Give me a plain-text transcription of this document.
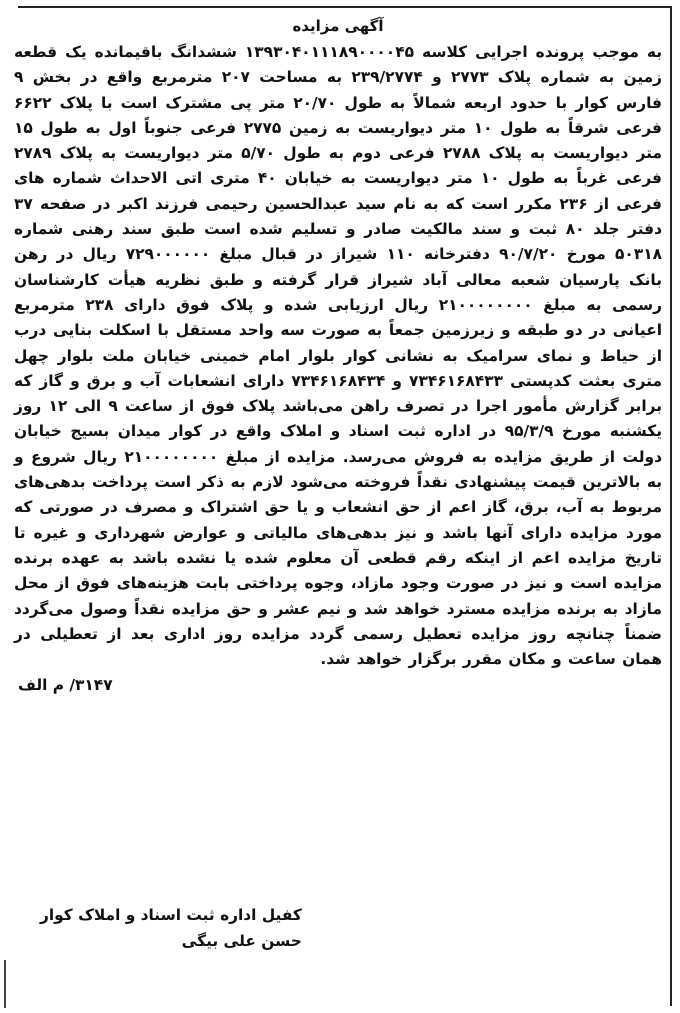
آگهی مزایده

به موجب پرونده اجرایی کلاسه ۱۳۹۳۰۴۰۱۱۱۸۹۰۰۰۰۴۵ ششدانگ باقیمانده یک قطعه زمین به شماره پلاک ۲۷۷۳ و ۲۳۹/۲۷۷۴ به مساحت ۲۰۷ مترمربع واقع در بخش ۹ فارس کوار با حدود اربعه شمالاً به طول ۲۰/۷۰ متر پی مشترک است با پلاک ۶۶۲۲ فرعی شرقاً به طول ۱۰ متر دیواریست به زمین ۲۷۷۵ فرعی جنوباً اول به طول ۱۵ متر دیواریست به پلاک ۲۷۸۸ فرعی دوم به طول ۵/۷۰ متر دیواریست به پلاک ۲۷۸۹ فرعی غرباً به طول ۱۰ متر دیواریست به خیابان ۴۰ متری اتی الاحداث شماره های فرعی از ۲۳۶ مکرر است که به نام سید عبدالحسین رحیمی فرزند اکبر در صفحه ۳۷ دفتر جلد ۸۰ ثبت و سند مالکیت صادر و تسلیم شده است طبق سند رهنی شماره ۵۰۳۱۸ مورخ ۹۰/۷/۲۰ دفترخانه ۱۱۰ شیراز در قبال مبلغ ۷۲۹۰۰۰۰۰۰ ریال در رهن بانک پارسیان شعبه معالی آباد شیراز قرار گرفته و طبق نظریه هیأت کارشناسان رسمی به مبلغ ۲۱۰۰۰۰۰۰۰۰ ریال ارزیابی شده و پلاک فوق دارای ۲۳۸ مترمربع اعیانی در دو طبقه و زیرزمین جمعاً به صورت سه واحد مستقل با اسکلت بنایی درب از حیاط و نمای سرامیک به نشانی کوار بلوار امام خمینی خیابان ملت بلوار چهل متری بعثت کدپستی ۷۳۴۶۱۶۸۴۳۳ و ۷۳۴۶۱۶۸۴۳۴ دارای انشعابات آب و برق و گاز که برابر گزارش مأمور اجرا در تصرف راهن می‌باشد پلاک فوق از ساعت ۹ الی ۱۲ روز یکشنبه مورخ ۹۵/۳/۹ در اداره ثبت اسناد و املاک واقع در کوار میدان بسیج خیابان دولت از طریق مزایده به فروش می‌رسد. مزایده از مبلغ ۲۱۰۰۰۰۰۰۰۰ ریال شروع و به بالاترین قیمت پیشنهادی نقداً فروخته می‌شود لازم به ذکر است پرداخت بدهی‌های مربوط به آب، برق، گاز اعم از حق انشعاب و یا حق اشتراک و مصرف در صورتی که مورد مزایده دارای آنها باشد و نیز بدهی‌های مالیاتی و عوارض شهرداری و غیره تا تاریخ مزایده اعم از اینکه رقم قطعی آن معلوم شده یا نشده باشد به عهده برنده مزایده است و نیز در صورت وجود مازاد، وجوه پرداختی بابت هزینه‌های فوق از محل مازاد به برنده مزایده مسترد خواهد شد و نیم عشر و حق مزایده نقداً وصول می‌گردد ضمناً چنانچه روز مزایده تعطیل رسمی گردد مزایده روز اداری بعد از تعطیلی در همان ساعت و مکان مقرر برگزار خواهد شد.

۳۱۴۷/ م الف

کفیل اداره ثبت اسناد و املاک کوار
حسن علی بیگی
